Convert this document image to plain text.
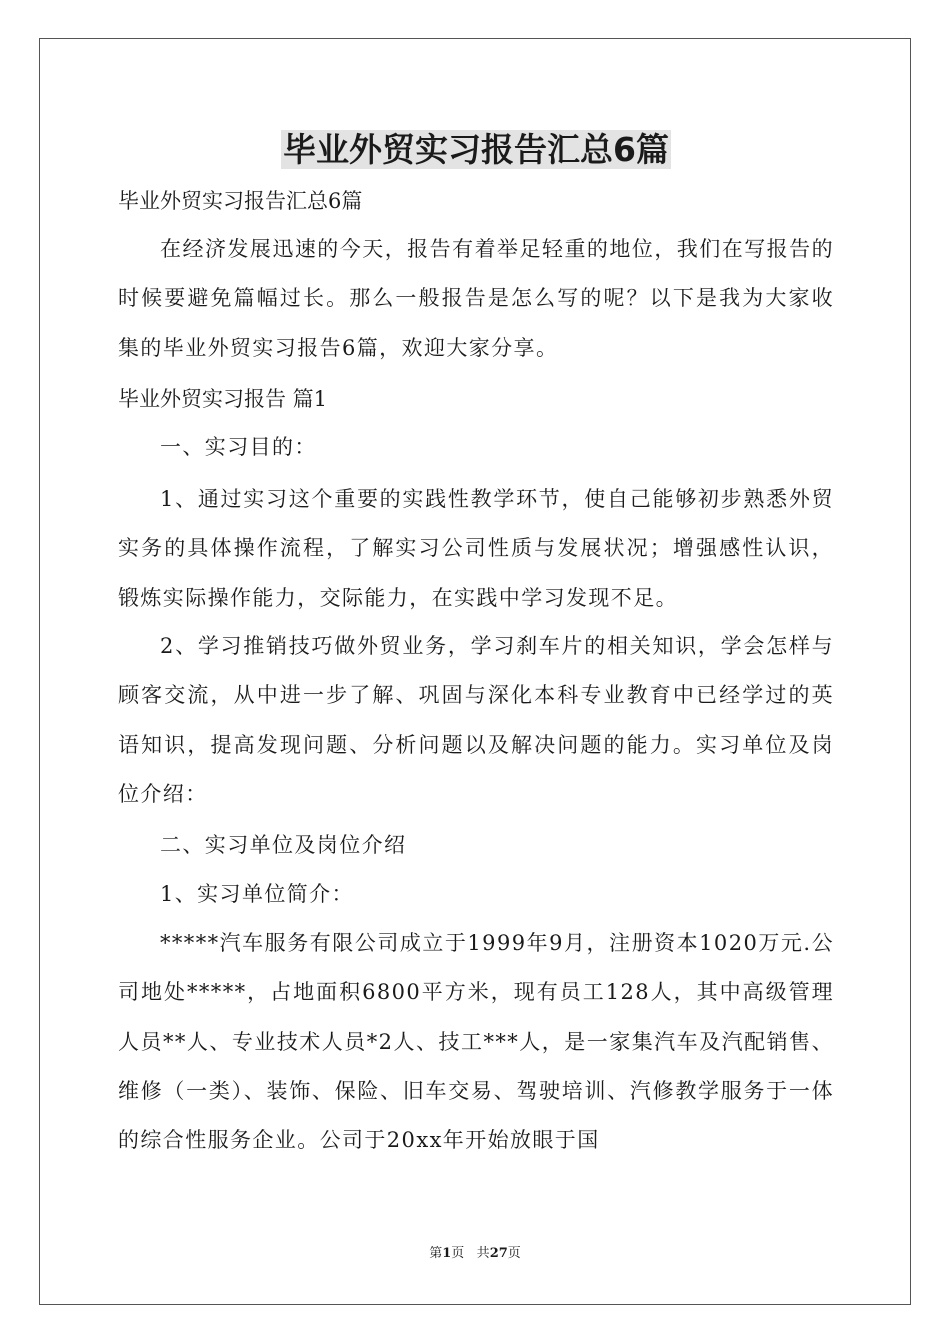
毕业外贸实习报告汇总6篇
毕业外贸实习报告汇总6篇
在经济发展迅速的今天，报告有着举足轻重的地位，我们在写报告的时候要避免篇幅过长。那么一般报告是怎么写的呢？以下是我为大家收集的毕业外贸实习报告6篇，欢迎大家分享。
毕业外贸实习报告 篇1
一、实习目的：
1、通过实习这个重要的实践性教学环节，使自己能够初步熟悉外贸实务的具体操作流程，了解实习公司性质与发展状况；增强感性认识，锻炼实际操作能力，交际能力，在实践中学习发现不足。
2、学习推销技巧做外贸业务，学习刹车片的相关知识，学会怎样与顾客交流，从中进一步了解、巩固与深化本科专业教育中已经学过的英语知识，提高发现问题、分析问题以及解决问题的能力。实习单位及岗位介绍：
二、实习单位及岗位介绍
1、实习单位简介：
*****汽车服务有限公司成立于1999年9月，注册资本1020万元.公司地处*****，占地面积6800平方米，现有员工128人，其中高级管理人员**人、专业技术人员*2人、技工***人，是一家集汽车及汽配销售、维修（一类）、装饰、保险、旧车交易、驾驶培训、汽修教学服务于一体的综合性服务企业。公司于20xx年开始放眼于国
第1页 共27页
